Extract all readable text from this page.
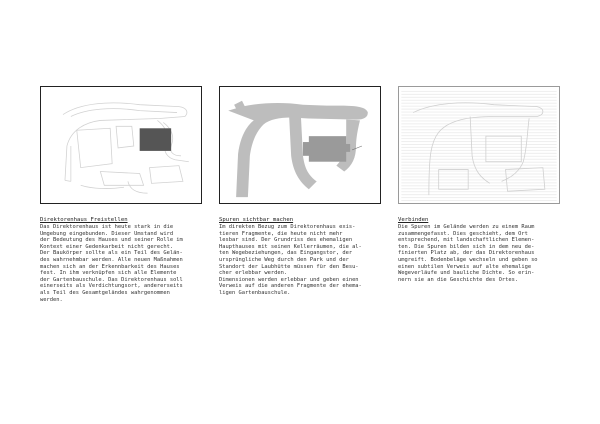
Direktorenhaus Freistellen

Das Direktorenhaus ist heute stark in die
Umgebung eingebunden. Dieser Umstand wird
der Bedeutung des Hauses und seiner Rolle im
Kontext einer Gedenkarbeit nicht gerecht.
Der Baukörper sollte als ein Teil des Gelän-
des wahrnehmbar werden. Alle neuen Maßnahmen
machen sich an der Erkennbarkeit des Hauses
fest. In ihm verknüpfen sich alle Elemente
der Gartenbauschule. Das Direktorenhaus soll
einerseits als Verdichtungsort, andererseits
als Teil des Gesamtgeländes wahrgenommen
werden.

Spuren sichtbar machen

Im direkten Bezug zum Direktorenhaus exis-
tieren Fragmente, die heute nicht mehr
lesbar sind. Der Grundriss des ehemaligen
Haupthauses mit seinen Kellerräumen, die al-
ten Wegebeziehungen, das Eingangstor, der
ursprüngliche Weg durch den Park und der
Standort der Laubhütte müssen für den Besu-
cher erlebbar werden.
Dimensionen werden erlebbar und geben einen
Verweis auf die anderen Fragmente der ehema-
ligen Gartenbauschule.

Verbinden

Die Spuren im Gelände werden zu einem Raum
zusammengefasst. Dies geschieht, dem Ort
entsprechend, mit landschaftlichen Elemen-
ten. Die Spuren bilden sich in dem neu de-
finierten Platz ab, der das Direktorenhaus
umgreift. Bodenbeläge wechseln und geben so
einen subtilen Verweis auf alte ehemalige
Wegeverläufe und bauliche Dichte. So erin-
nern sie an die Geschichte des Ortes.
